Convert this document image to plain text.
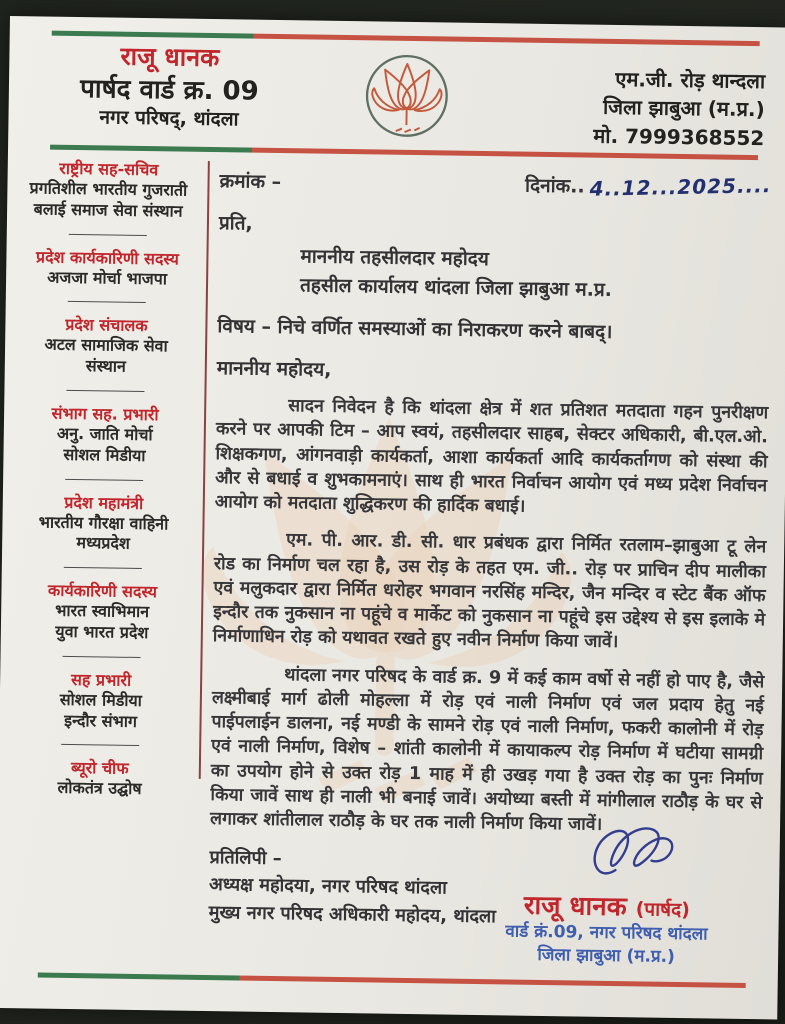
राजू धानक
पार्षद वार्ड क्र. 09
नगर परिषद्, थांदला
एम.जी. रोड़ थान्दला
जिला झाबुआ (म.प्र.)
मो. 7999368552
राष्ट्रीय सह-सचिव
प्रगतिशील भारतीय गुजराती
बलाई समाज सेवा संस्थान
प्रदेश कार्यकारिणी सदस्य
अजजा मोर्चा भाजपा
प्रदेश संचालक
अटल सामाजिक सेवा
संस्थान
संभाग सह. प्रभारी
अनु. जाति मोर्चा
सोशल मिडीया
प्रदेश महामंत्री
भारतीय गौरक्षा वाहिनी
मध्यप्रदेश
कार्यकारिणी सदस्य
भारत स्वाभिमान
युवा भारत प्रदेश
सह प्रभारी
सोशल मिडीया
इन्दौर संभाग
ब्यूरो चीफ
लोकतंत्र उद्घोष
क्रमांक –	दिनांक.. 4..12...2025....
प्रति,
माननीय तहसीलदार महोदय
तहसील कार्यालय थांदला जिला झाबुआ म.प्र.
विषय – निचे वर्णित समस्याओं का निराकरण करने बाबद्।
माननीय महोदय,
सादन निवेदन है कि थांदला क्षेत्र में शत प्रतिशत मतदाता गहन पुनरीक्षण करने पर आपकी टिम – आप स्वयं, तहसीलदार साहब, सेक्टर अधिकारी, बी.एल.ओ. शिक्षकगण, आंगनवाड़ी कार्यकर्ता, आशा कार्यकर्ता आदि कार्यकर्तागण को संस्था की और से बधाई व शुभकामनाएं। साथ ही भारत निर्वाचन आयोग एवं मध्य प्रदेश निर्वाचन आयोग को मतदाता शुद्धिकरण की हार्दिक बधाई।
एम. पी. आर. डी. सी. धार प्रबंधक द्वारा निर्मित रतलाम–झाबुआ टू लेन रोड का निर्माण चल रहा है, उस रोड़ के तहत एम. जी.. रोड़ पर प्राचिन दीप मालीका एवं मलुकदार द्वारा निर्मित धरोहर भगवान नरसिंह मन्दिर, जैन मन्दिर व स्टेट बैंक ऑफ इन्दौर तक नुकसान ना पहूंचे व मार्केट को नुकसान ना पहूंचे इस उद्देश्य से इस इलाके मे निर्माणाधिन रोड़ को यथावत रखते हुए नवीन निर्माण किया जावें।
थांदला नगर परिषद के वार्ड क्र. 9 में कई काम वर्षो से नहीं हो पाए है, जैसे लक्ष्मीबाई मार्ग ढोली मोहल्ला में रोड़ एवं नाली निर्माण एवं जल प्रदाय हेतु नई पाईपलाईन डालना, नई मण्डी के सामने रोड़ एवं नाली निर्माण, फकरी कालोनी में रोड़ एवं नाली निर्माण, विशेष – शांती कालोनी में कायाकल्प रोड़ निर्माण में घटीया सामग्री का उपयोग होने से उक्त रोड़ 1 माह में ही उखड़ गया है उक्त रोड़ का पुनः निर्माण किया जावें साथ ही नाली भी बनाई जावें। अयोध्या बस्ती में मांगीलाल राठौड़ के घर से लगाकर शांतीलाल राठौड़ के घर तक नाली निर्माण किया जावें।
प्रतिलिपी –
अध्यक्ष महोदया, नगर परिषद थांदला
मुख्य नगर परिषद अधिकारी महोदय, थांदला	राजू धानक (पार्षद)
वार्ड क्रं.09, नगर परिषद थांदला
जिला झाबुआ (म.प्र.)
